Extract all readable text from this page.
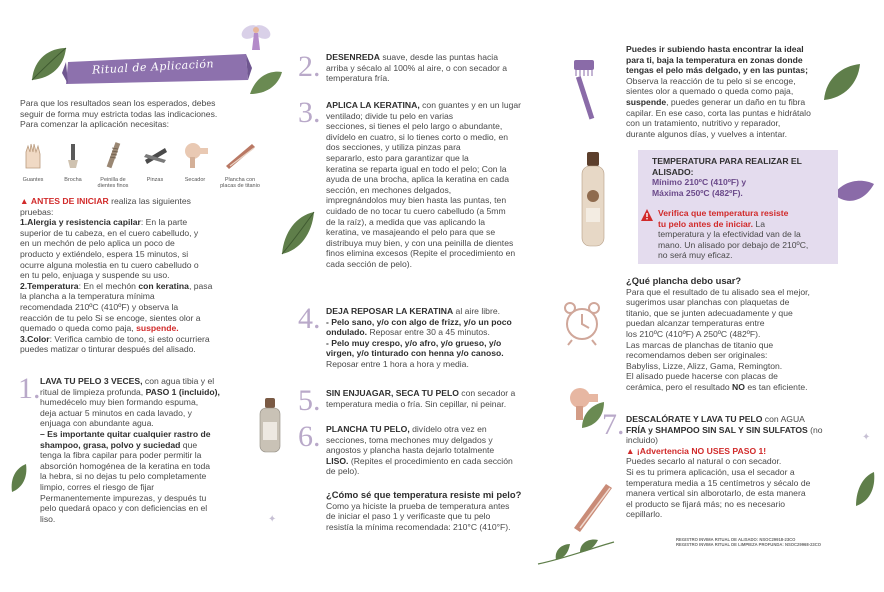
Ritual de Aplicación
Para que los resultados sean los esperados, debes
seguir de forma muy estricta todas las indicaciones.
Para comenzar la aplicación necesitas:
Guantes	Brocha	Peinilla de dientes finos
Pinzas	Secador	Plancha con placas de titanio
▲ ANTES DE INICIAR realiza las siguientes
pruebas:
1.Alergia y resistencia capilar: En la parte
superior de tu cabeza, en el cuero cabelludo, y
en un mechón de pelo aplica un poco de
producto y extiéndelo, espera 15 minutos, si
ocurre alguna molestia en tu cuero cabelludo o
en tu pelo, enjuaga y suspende su uso.
2.Temperatura: En el mechón con keratina, pasa
la plancha a la temperatura mínima
recomendada 210ºC (410ºF) y observa la
reacción de tu pelo Si se encoge, sientes olor a
quemado o queda como paja, suspende.
3.Color: Verifica cambio de tono, si esto ocurriera
puedes matizar o tinturar después del alisado.
1. LAVA TU PELO 3 VECES, con agua tibia y el
ritual de limpieza profunda, PASO 1 (incluido),
humedécelo muy bien formando espuma,
deja actuar 5 minutos en cada lavado, y
enjuaga con abundante agua.
– Es importante quitar cualquier rastro de
shampoo, grasa, polvo y suciedad que
tenga la fibra capilar para poder permitir la
absorción homogénea de la keratina en toda
la hebra, si no dejas tu pelo completamente
limpio, corres el riesgo de fijar
Permanentemente impurezas, y después tu
pelo quedará opaco y con deficiencias en el
liso.	✦
2. DESENREDA suave, desde las puntas hacia
arriba y sécalo al 100% al aire, o con secador a
temperatura fría.
3. APLICA LA KERATINA, con guantes y en un lugar
ventilado; divide tu pelo en varias
secciones, si tienes el pelo largo o abundante,
divídelo en cuatro, si lo tienes corto o medio, en
dos secciones, y utiliza pinzas para
separarlo, esto para garantizar que la
keratina se reparta igual en todo el pelo; Con la
ayuda de una brocha, aplica la keratina en cada
sección, en mechones delgados,
impregnándolos muy bien hasta las puntas, ten
cuidado de no tocar tu cuero cabelludo (a 5mm
de la raíz), a medida que vas aplicando la
keratina, ve masajeando el pelo para que se
distribuya muy bien, y con una peinilla de dientes
finos elimina excesos (Repite el procedimiento en
cada sección de pelo).
4. DEJA REPOSAR LA KERATINA al aire libre.
- Pelo sano, y/o con algo de frizz, y/o un poco
ondulado. Reposar entre 30 a 45 minutos.
- Pelo muy crespo, y/o afro, y/o grueso, y/o
virgen, y/o tinturado con henna y/o canoso.
Reposar entre 1 hora a hora y media.
5. SIN ENJUAGAR, SECA TU PELO con secador a
temperatura media o fría. Sin cepillar, ni peinar.
6. PLANCHA TU PELO, divídelo otra vez en
secciones, toma mechones muy delgados y
angostos y plancha hasta dejarlo totalmente
LISO. (Repites el procedimiento en cada sección
de pelo).
¿Cómo sé que temperatura resiste mi pelo?
Como ya hiciste la prueba de temperatura antes
de iniciar el paso 1 y verificaste que tu pelo
resistía la mínima recomendada: 210°C (410°F).
Puedes ir subiendo hasta encontrar la ideal
para ti, baja la temperatura en zonas donde
tengas el pelo más delgado, y en las puntas;
Observa la reacción de tu pelo si se encoge,
sientes olor a quemado o queda como paja,
suspende, puedes generar un daño en tu fibra
capilar. En ese caso, corta las puntas e hidrátalo
con un tratamiento, nutritivo y reparador,
durante algunos días, y vuelves a intentar.
TEMPERATURA PARA REALIZAR EL
ALISADO:
Mínimo 210ºC (410ºF) y
Máxima 250ºC (482ºF).
Verifica que temperatura resiste
tu pelo antes de iniciar. La
temperatura y la efectividad van de la
mano. Un alisado por debajo de 210ºC,
no será muy eficaz.
¿Qué plancha debo usar?
Para que el resultado de tu alisado sea el mejor,
sugerimos usar planchas con plaquetas de
titanio, que se junten adecuadamente y que
puedan alcanzar temperaturas entre
los 210ºC (410ºF) A 250ºC (482ºF).
Las marcas de planchas de titanio que
recomendamos deben ser originales:
Babyliss, Lizze, Alizz, Gama, Remington.
El alisado puede hacerse con placas de
cerámica, pero el resultado NO es tan eficiente.
7. DESCALÓRATE Y LAVA TU PELO con AGUA
FRÍA y SHAMPOO SIN SAL Y SIN SULFATOS (no
incluido)
▲ ¡Advertencia NO USES PASO 1!
Puedes secarlo al natural o con secador.
Si es tu primera aplicación, usa el secador a
temperatura media a 15 centímetros y sécalo de
manera vertical sin alborotarlo, de esta manera
el producto se fijará más; no es necesario
cepillarlo.
✦
REGISTRO INVIMA RITUAL DE ALISADO: NSOC29918-23CO
REGISTRO INVIMA RITUAL DE LIMPIEZA PROFUNDA: NSOC29968-23CO
